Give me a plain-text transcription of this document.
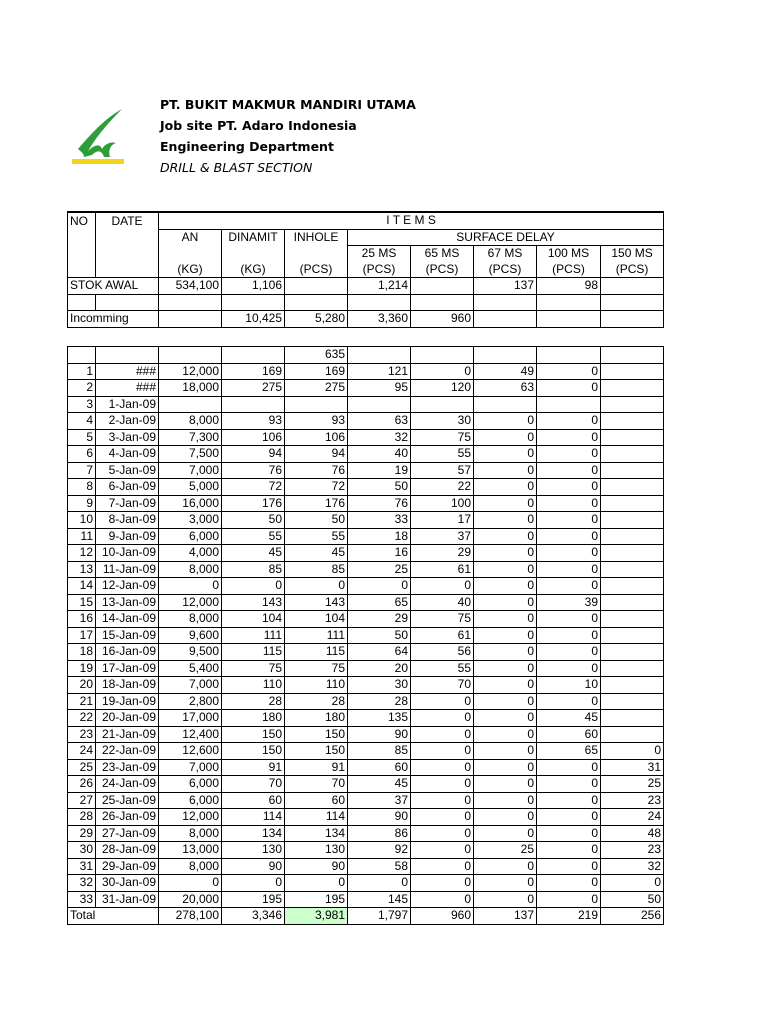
PT. BUKIT MAKMUR MANDIRI UTAMA
Job site PT. Adaro Indonesia
Engineering Department
DRILL & BLAST SECTION
NO	DATE	I T E M S							
		AN	DINAMIT	INHOLE	SURFACE DELAY				
					25 MS	65 MS	67 MS	100 MS	150 MS
		(KG)	(KG)	(PCS)	(PCS)	(PCS)	(PCS)	(PCS)	(PCS)
STOK AWAL		534,100	1,106		1,214		137	98	

Incomming			10,425	5,280	3,360	960			
				635					
1	###	12,000	169	169	121	0	49	0	
2	###	18,000	275	275	95	120	63	0	
3	1-Jan-09								
4	2-Jan-09	8,000	93	93	63	30	0	0	
5	3-Jan-09	7,300	106	106	32	75	0	0	
6	4-Jan-09	7,500	94	94	40	55	0	0	
7	5-Jan-09	7,000	76	76	19	57	0	0	
8	6-Jan-09	5,000	72	72	50	22	0	0	
9	7-Jan-09	16,000	176	176	76	100	0	0	
10	8-Jan-09	3,000	50	50	33	17	0	0	
11	9-Jan-09	6,000	55	55	18	37	0	0	
12	10-Jan-09	4,000	45	45	16	29	0	0	
13	11-Jan-09	8,000	85	85	25	61	0	0	
14	12-Jan-09	0	0	0	0	0	0	0	
15	13-Jan-09	12,000	143	143	65	40	0	39	
16	14-Jan-09	8,000	104	104	29	75	0	0	
17	15-Jan-09	9,600	111	111	50	61	0	0	
18	16-Jan-09	9,500	115	115	64	56	0	0	
19	17-Jan-09	5,400	75	75	20	55	0	0	
20	18-Jan-09	7,000	110	110	30	70	0	10	
21	19-Jan-09	2,800	28	28	28	0	0	0	
22	20-Jan-09	17,000	180	180	135	0	0	45	
23	21-Jan-09	12,400	150	150	90	0	0	60	
24	22-Jan-09	12,600	150	150	85	0	0	65	0
25	23-Jan-09	7,000	91	91	60	0	0	0	31
26	24-Jan-09	6,000	70	70	45	0	0	0	25
27	25-Jan-09	6,000	60	60	37	0	0	0	23
28	26-Jan-09	12,000	114	114	90	0	0	0	24
29	27-Jan-09	8,000	134	134	86	0	0	0	48
30	28-Jan-09	13,000	130	130	92	0	25	0	23
31	29-Jan-09	8,000	90	90	58	0	0	0	32
32	30-Jan-09	0	0	0	0	0	0	0	0
33	31-Jan-09	20,000	195	195	145	0	0	0	50
Total		278,100	3,346	3,981	1,797	960	137	219	256
